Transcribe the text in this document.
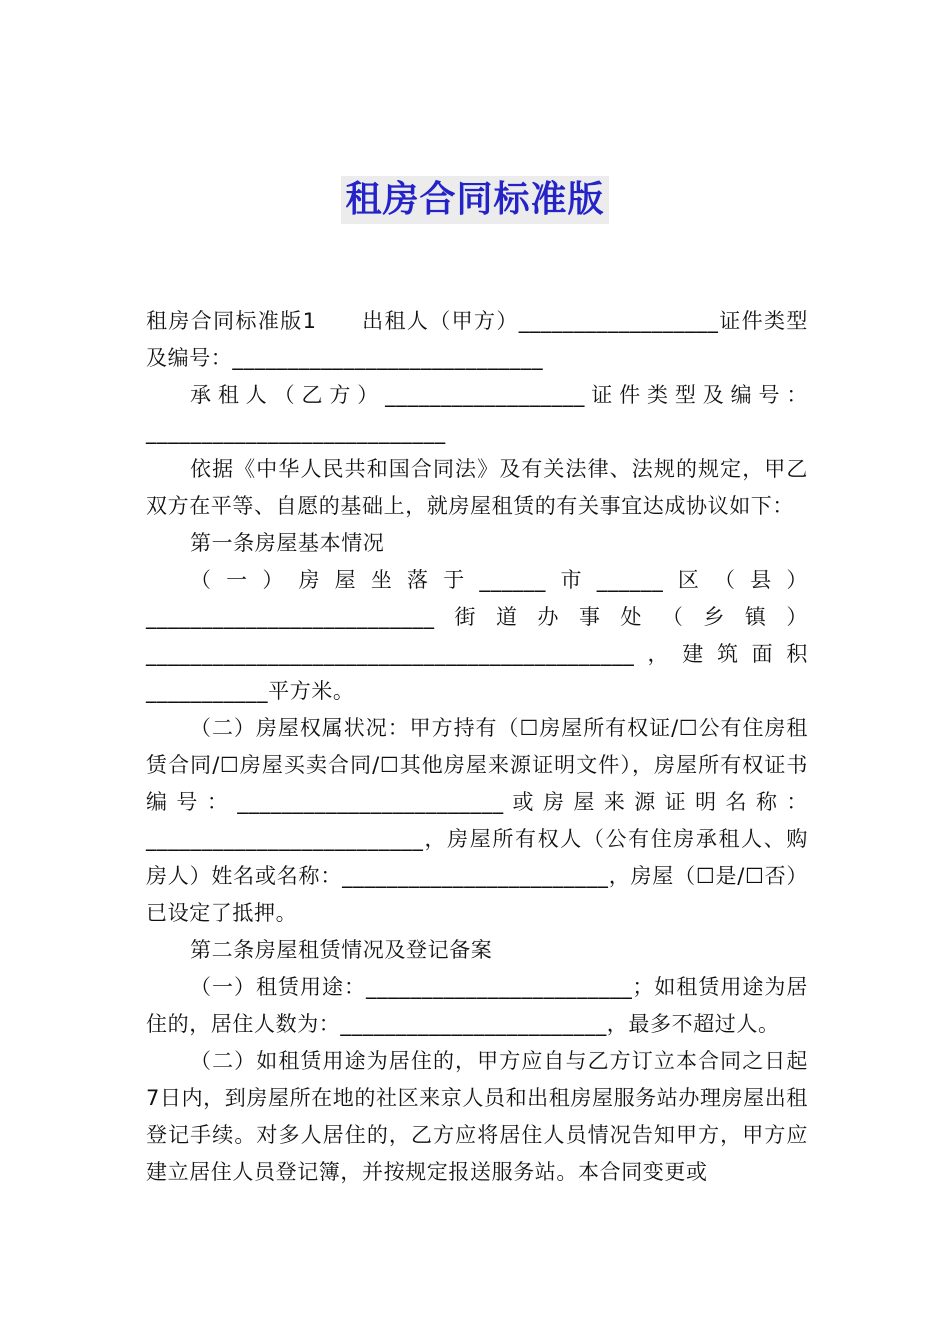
租房合同标准版

租房合同标准版1　　出租人（甲方）__________________证件类型及编号：____________________________

承租人（乙方）__________________证件类型及编号：___________________________

依据《中华人民共和国合同法》及有关法律、法规的规定，甲乙双方在平等、自愿的基础上，就房屋租赁的有关事宜达成协议如下：

第一条房屋基本情况

（一）房屋坐落于______市______区（县）__________________________街道办事处（乡镇）____________________________________________，建筑面积___________平方米。

（二）房屋权属状况：甲方持有（☐房屋所有权证/☐公有住房租赁合同/☐房屋买卖合同/☐其他房屋来源证明文件），房屋所有权证书编号：________________________或房屋来源证明名称：_________________________，房屋所有权人（公有住房承租人、购房人）姓名或名称：________________________，房屋（☐是/☐否）已设定了抵押。

第二条房屋租赁情况及登记备案

（一）租赁用途：________________________；如租赁用途为居住的，居住人数为：________________________，最多不超过人。

（二）如租赁用途为居住的，甲方应自与乙方订立本合同之日起7日内，到房屋所在地的社区来京人员和出租房屋服务站办理房屋出租登记手续。对多人居住的，乙方应将居住人员情况告知甲方，甲方应建立居住人员登记簿，并按规定报送服务站。本合同变更或
